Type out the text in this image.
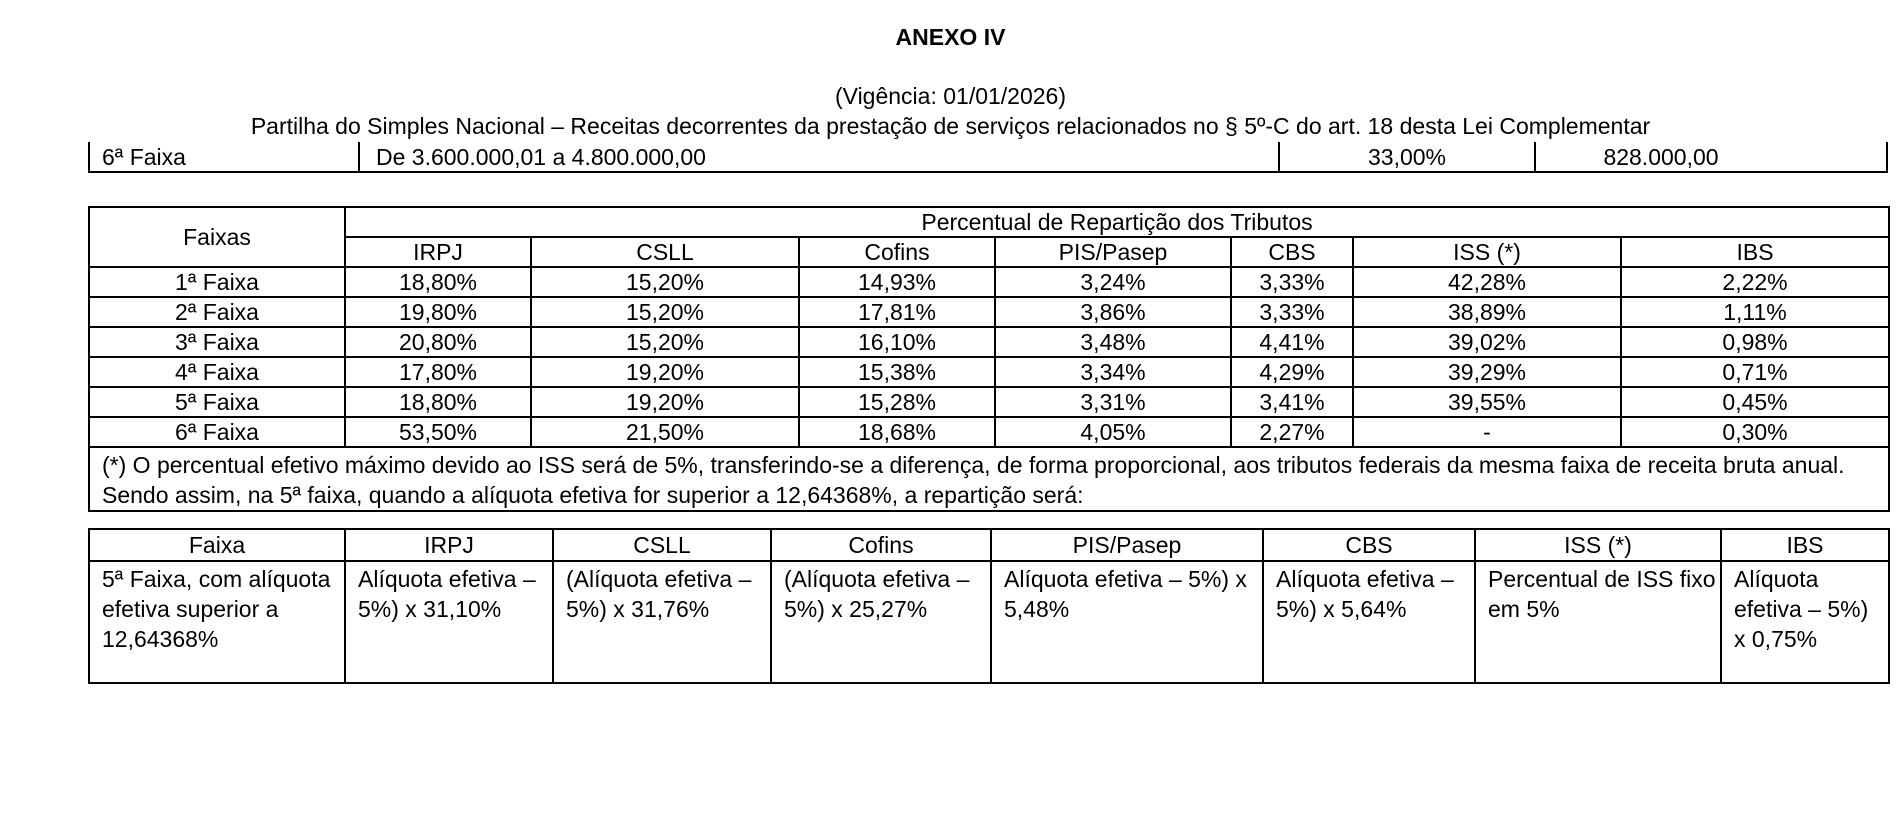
ANEXO IV
(Vigência: 01/01/2026)
Partilha do Simples Nacional – Receitas decorrentes da prestação de serviços relacionados no § 5º-C do art. 18 desta Lei Complementar
6ª Faixa	De 3.600.000,01 a 4.800.000,00	33,00%	828.000,00
Faixas	Percentual de Repartição dos Tributos						
	IRPJ	CSLL	Cofins	PIS/Pasep	CBS	ISS (*)	IBS
1ª Faixa	18,80%	15,20%	14,93%	3,24%	3,33%	42,28%	2,22%
2ª Faixa	19,80%	15,20%	17,81%	3,86%	3,33%	38,89%	1,11%
3ª Faixa	20,80%	15,20%	16,10%	3,48%	4,41%	39,02%	0,98%
4ª Faixa	17,80%	19,20%	15,38%	3,34%	4,29%	39,29%	0,71%
5ª Faixa	18,80%	19,20%	15,28%	3,31%	3,41%	39,55%	0,45%
6ª Faixa	53,50%	21,50%	18,68%	4,05%	2,27%	-	0,30%
(*) O percentual efetivo máximo devido ao ISS será de 5%, transferindo-se a diferença, de forma proporcional, aos tributos federais da mesma faixa de receita bruta anual. Sendo assim, na 5ª faixa, quando a alíquota efetiva for superior a 12,64368%, a repartição será:							
Faixa	IRPJ	CSLL	Cofins	PIS/Pasep	CBS	ISS (*)	IBS
5ª Faixa, com alíquota efetiva superior a 12,64368%	Alíquota efetiva – 5%) x 31,10%	(Alíquota efetiva – 5%) x 31,76%	(Alíquota efetiva – 5%) x 25,27%	Alíquota efetiva – 5%) x 5,48%	Alíquota efetiva – 5%) x 5,64%	Percentual de ISS fixo em 5%	Alíquota efetiva – 5%) x 0,75%
